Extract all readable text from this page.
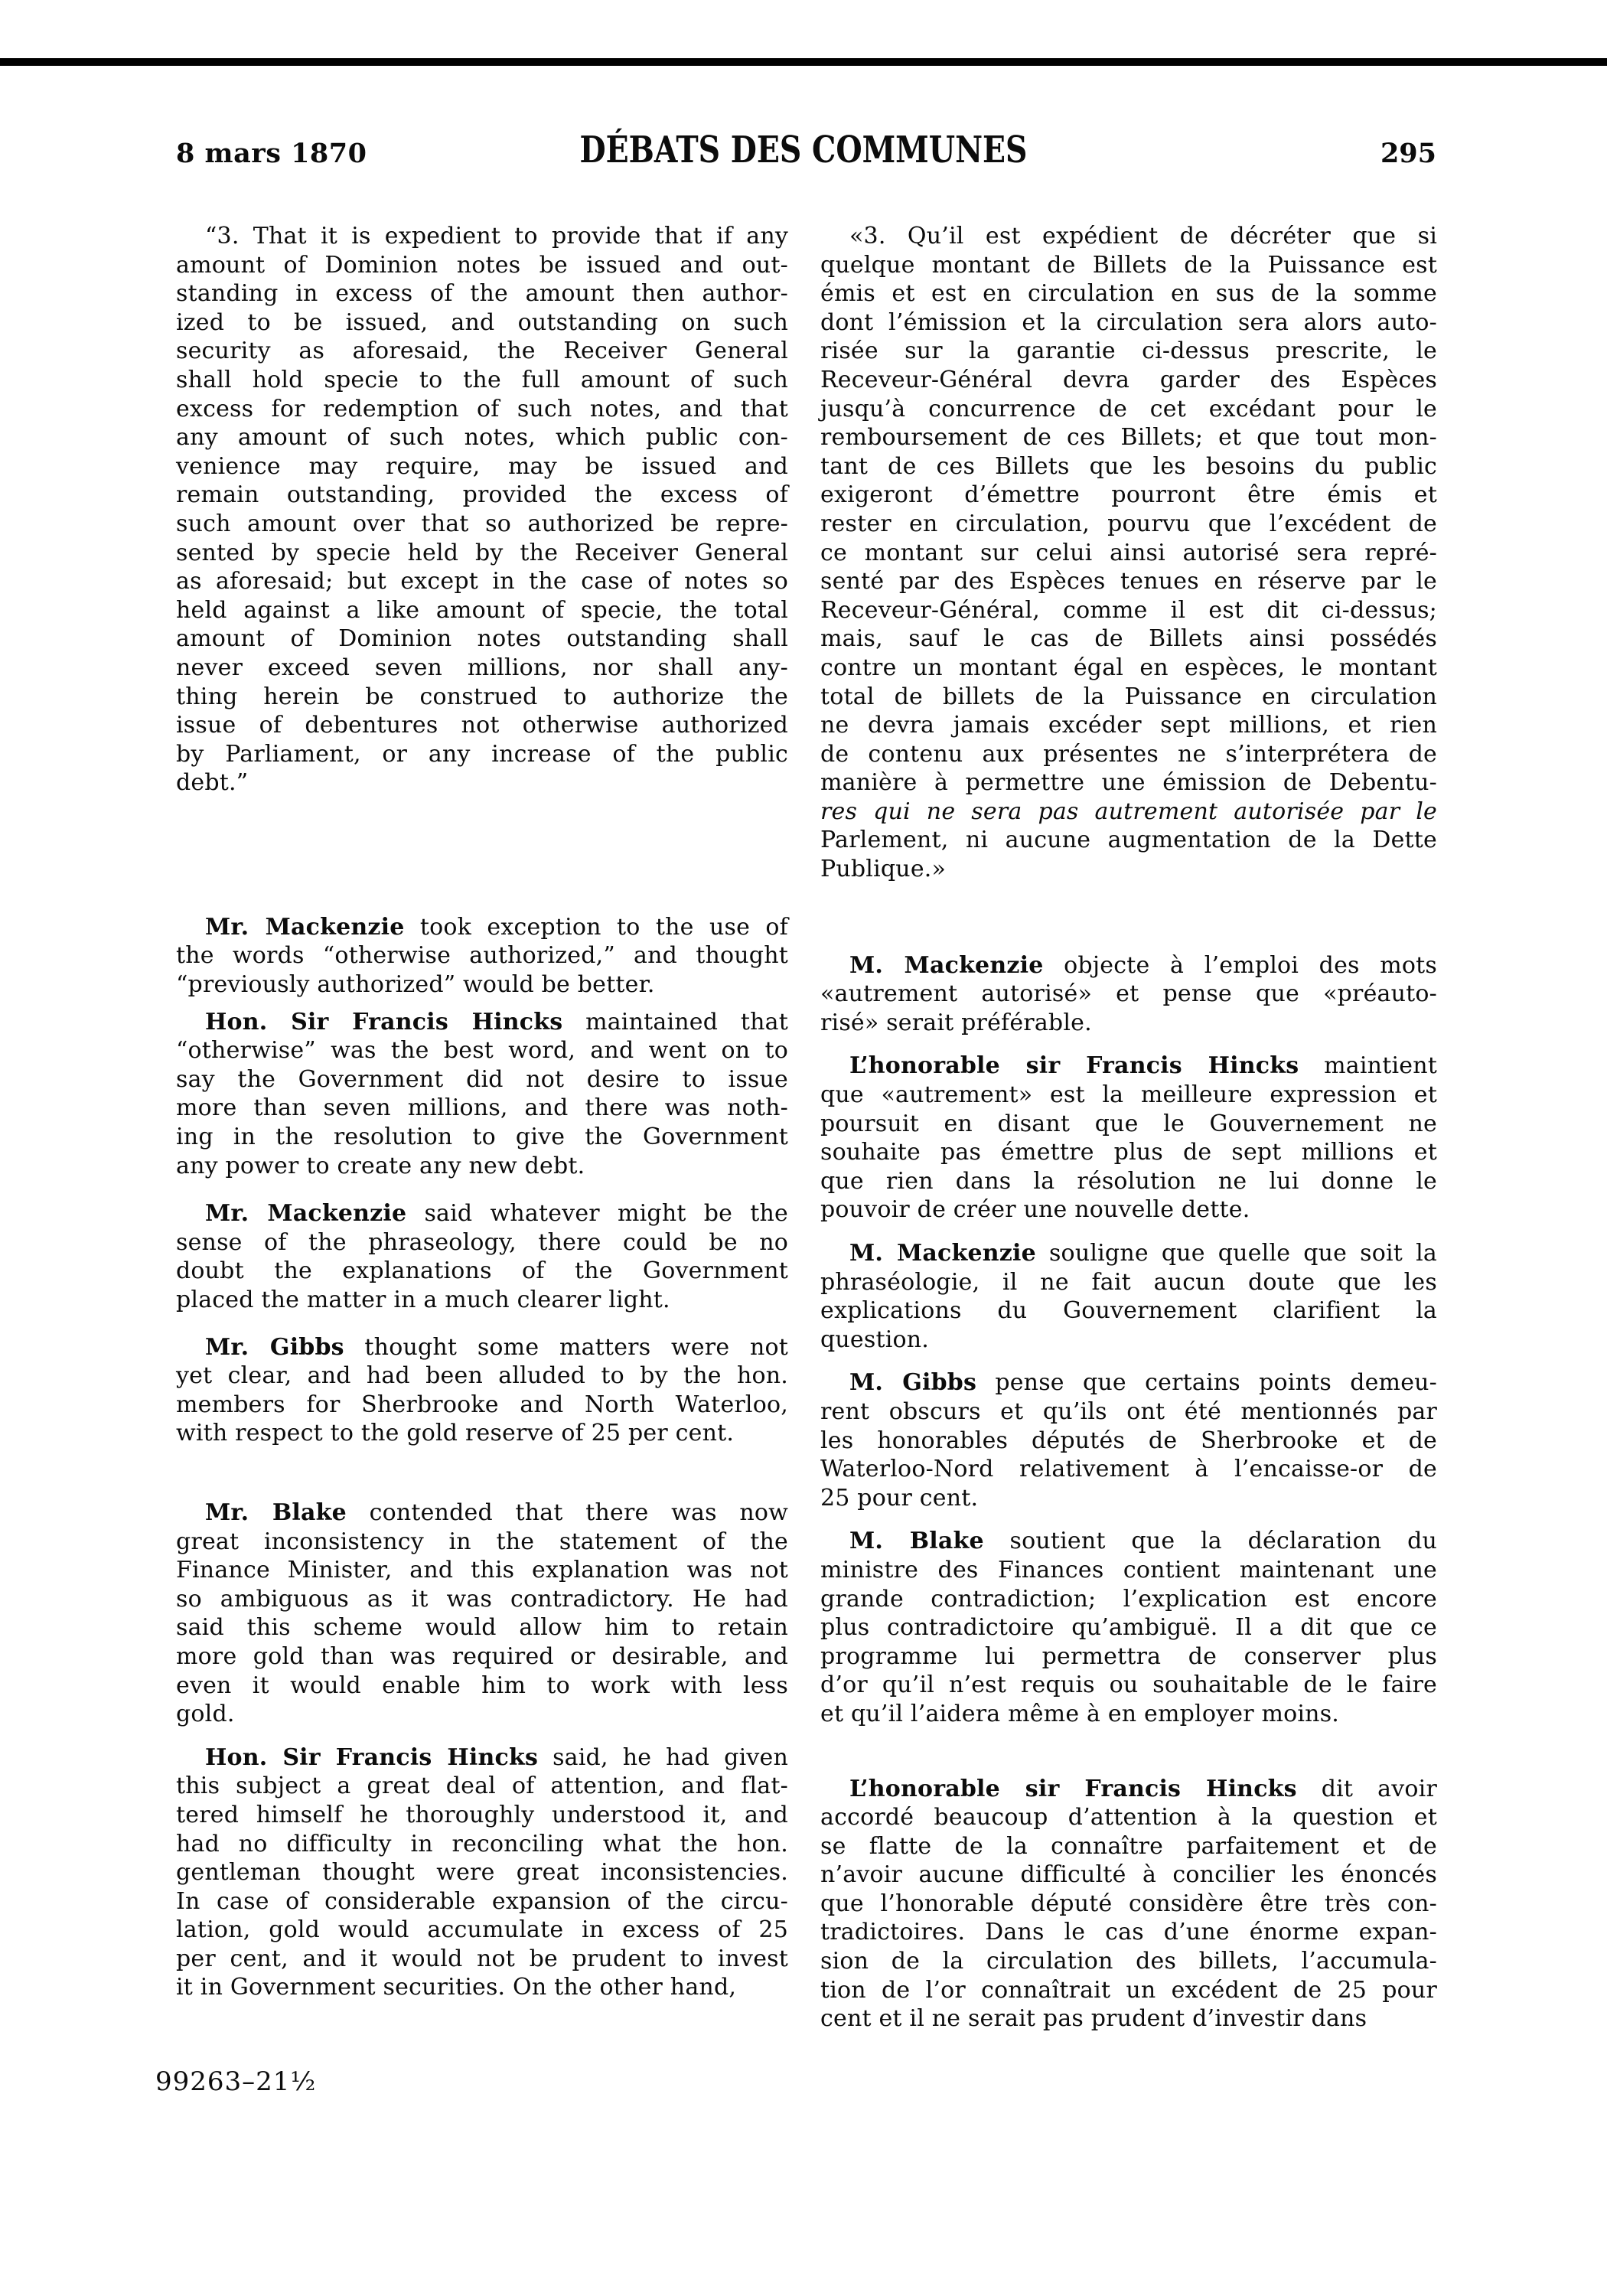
8 mars 1870	DÉBATS DES COMMUNES	295
“3. That it is expedient to provide that if any
amount of Dominion notes be issued and out-
standing in excess of the amount then author-
ized to be issued, and outstanding on such
security as aforesaid, the Receiver General
shall hold specie to the full amount of such
excess for redemption of such notes, and that
any amount of such notes, which public con-
venience may require, may be issued and
remain outstanding, provided the excess of
such amount over that so authorized be repre-
sented by specie held by the Receiver General
as aforesaid; but except in the case of notes so
held against a like amount of specie, the total
amount of Dominion notes outstanding shall
never exceed seven millions, nor shall any-
thing herein be construed to authorize the
issue of debentures not otherwise authorized
by Parliament, or any increase of the public
debt.”
Mr. Mackenzie took exception to the use of
the words “otherwise authorized,” and thought
“previously authorized” would be better.
Hon. Sir Francis Hincks maintained that
“otherwise” was the best word, and went on to
say the Government did not desire to issue
more than seven millions, and there was noth-
ing in the resolution to give the Government
any power to create any new debt.
Mr. Mackenzie said whatever might be the
sense of the phraseology, there could be no
doubt the explanations of the Government
placed the matter in a much clearer light.
Mr. Gibbs thought some matters were not
yet clear, and had been alluded to by the hon.
members for Sherbrooke and North Waterloo,
with respect to the gold reserve of 25 per cent.
Mr. Blake contended that there was now
great inconsistency in the statement of the
Finance Minister, and this explanation was not
so ambiguous as it was contradictory. He had
said this scheme would allow him to retain
more gold than was required or desirable, and
even it would enable him to work with less
gold.
Hon. Sir Francis Hincks said, he had given
this subject a great deal of attention, and flat-
tered himself he thoroughly understood it, and
had no difficulty in reconciling what the hon.
gentleman thought were great inconsistencies.
In case of considerable expansion of the circu-
lation, gold would accumulate in excess of 25
per cent, and it would not be prudent to invest
it in Government securities. On the other hand,
«3. Qu’il est expédient de décréter que si
quelque montant de Billets de la Puissance est
émis et est en circulation en sus de la somme
dont l’émission et la circulation sera alors auto-
risée sur la garantie ci-dessus prescrite, le
Receveur-Général devra garder des Espèces
jusqu’à concurrence de cet excédant pour le
remboursement de ces Billets; et que tout mon-
tant de ces Billets que les besoins du public
exigeront d’émettre pourront être émis et
rester en circulation, pourvu que l’excédent de
ce montant sur celui ainsi autorisé sera repré-
senté par des Espèces tenues en réserve par le
Receveur-Général, comme il est dit ci-dessus;
mais, sauf le cas de Billets ainsi possédés
contre un montant égal en espèces, le montant
total de billets de la Puissance en circulation
ne devra jamais excéder sept millions, et rien
de contenu aux présentes ne s’interprétera de
manière à permettre une émission de Debentu-
res qui ne sera pas autrement autorisée par le
Parlement, ni aucune augmentation de la Dette
Publique.»
M. Mackenzie objecte à l’emploi des mots
«autrement autorisé» et pense que «préauto-
risé» serait préférable.
L’honorable sir Francis Hincks maintient
que «autrement» est la meilleure expression et
poursuit en disant que le Gouvernement ne
souhaite pas émettre plus de sept millions et
que rien dans la résolution ne lui donne le
pouvoir de créer une nouvelle dette.
M. Mackenzie souligne que quelle que soit la
phraséologie, il ne fait aucun doute que les
explications du Gouvernement clarifient la
question.
M. Gibbs pense que certains points demeu-
rent obscurs et qu’ils ont été mentionnés par
les honorables députés de Sherbrooke et de
Waterloo-Nord relativement à l’encaisse-or de
25 pour cent.
M. Blake soutient que la déclaration du
ministre des Finances contient maintenant une
grande contradiction; l’explication est encore
plus contradictoire qu’ambiguë. Il a dit que ce
programme lui permettra de conserver plus
d’or qu’il n’est requis ou souhaitable de le faire
et qu’il l’aidera même à en employer moins.
L’honorable sir Francis Hincks dit avoir
accordé beaucoup d’attention à la question et
se flatte de la connaître parfaitement et de
n’avoir aucune difficulté à concilier les énoncés
que l’honorable député considère être très con-
tradictoires. Dans le cas d’une énorme expan-
sion de la circulation des billets, l’accumula-
tion de l’or connaîtrait un excédent de 25 pour
cent et il ne serait pas prudent d’investir dans
99263–21½
